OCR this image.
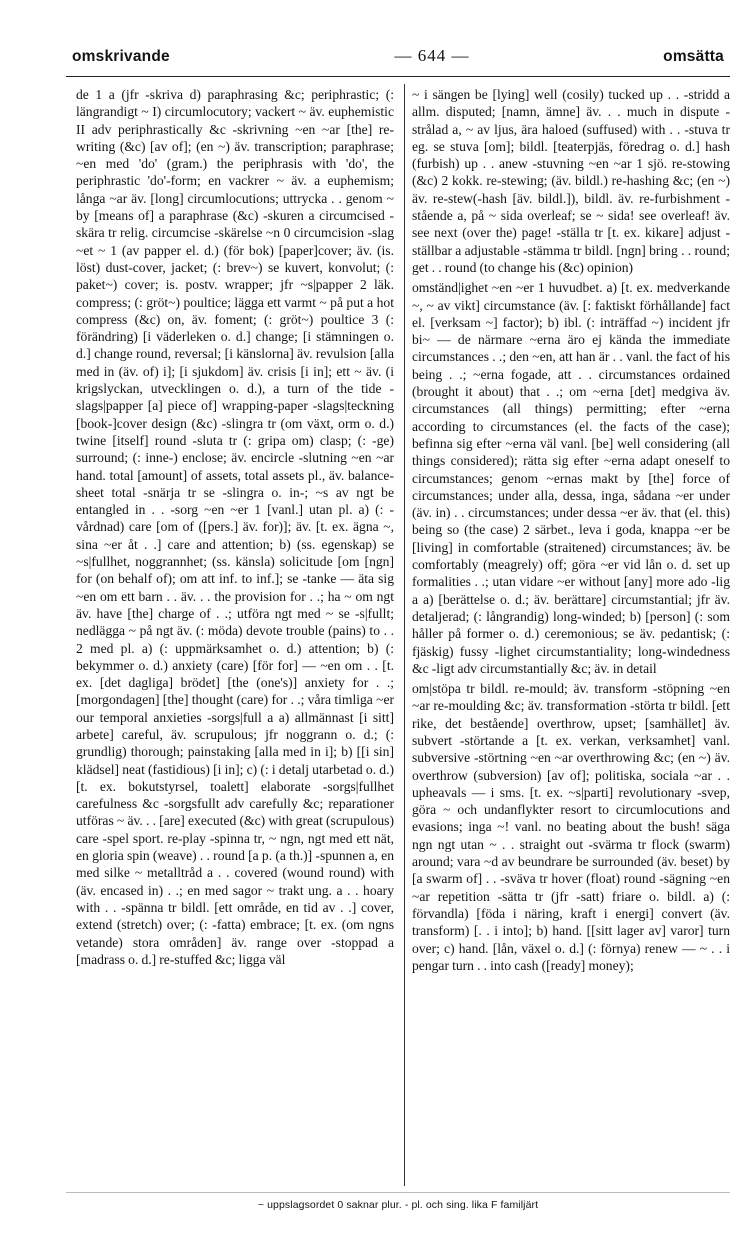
omskrivande	— 644 —	omsätta

de 1 a (jfr -skriva d) paraphrasing &c; periphrastic; (: längrandigt ~ I) circumlocutory; vackert ~ äv. euphemistic II adv periphrastically &c -skrivning ~en ~ar [the] re-writing (&c) [av of]; (en ~) äv. transcription; paraphrase; ~en med 'do' (gram.) the periphrasis with 'do', the periphrastic 'do'-form; en vackrer ~ äv. a euphemism; långa ~ar äv. [long] circumlocutions; uttrycka . . genom ~ by [means of] a paraphrase (&c) -skuren a circumcised -skära tr relig. circumcise -skärelse ~n 0 circumcision -slag ~et ~ 1 (av papper el. d.) (för bok) [paper]cover; äv. (is. löst) dust-cover, jacket; (: brev~) se kuvert, konvolut; (: paket~) cover; is. postv. wrapper; jfr ~s|papper 2 läk. compress; (: gröt~) poultice; lägga ett varmt ~ på put a hot compress (&c) on, äv. foment; (: gröt~) poultice 3 (: förändring) [i väderleken o. d.] change; [i stämningen o. d.] change round, reversal; [i känslorna] äv. revulsion [alla med in (äv. of) i]; [i sjukdom] äv. crisis [i in]; ett ~ äv. (i krigslyckan, utvecklingen o. d.), a turn of the tide -slags|papper [a] piece of] wrapping-paper -slags|teckning [book-]cover design (&c) -slingra tr (om växt, orm o. d.) twine [itself] round -sluta tr (: gripa om) clasp; (: -ge) surround; (: inne-) enclose; äv. encircle -slutning ~en ~ar hand. total [amount] of assets, total assets pl., äv. balance-sheet total -snärja tr se -slingra o. in-; ~s av ngt be entangled in . . -sorg ~en ~er 1 [vanl.] utan pl. a) (: -vårdnad) care [om of ([pers.] äv. for)]; äv. [t. ex. ägna ~, sina ~er åt . .] care and attention; b) (ss. egenskap) se ~s|fullhet, noggrannhet; (ss. känsla) solicitude [om [ngn] for (on behalf of); om att inf. to inf.]; se -tanke — äta sig ~en om ett barn . . äv. . . the provision for . .; ha ~ om ngt äv. have [the] charge of . .; utföra ngt med ~ se -s|fullt; nedlägga ~ på ngt äv. (: möda) devote trouble (pains) to . . 2 med pl. a) (: uppmärksamhet o. d.) attention; b) (: bekymmer o. d.) anxiety (care) [för for] — ~en om . . [t. ex. [det dagliga] brödet] [the (one's)] anxiety for . .; [morgondagen] [the] thought (care) for . .; våra timliga ~er our temporal anxieties -sorgs|full a a) allmännast [i sitt] arbete] careful, äv. scrupulous; jfr noggrann o. d.; (: grundlig) thorough; painstaking [alla med in i]; b) [[i sin] klädsel] neat (fastidious) [i in]; c) (: i detalj utarbetad o. d.) [t. ex. bokutstyrsel, toalett] elaborate -sorgs|fullhet carefulness &c -sorgsfullt adv carefully &c; reparationer utföras ~ äv. . . [are] executed (&c) with great (scrupulous) care -spel sport. re-play -spinna tr, ~ ngn, ngt med ett nät, en gloria spin (weave) . . round [a p. (a th.)] -spunnen a, en med silke ~ metalltråd a . . covered (wound round) with (äv. encased in) . .; en med sagor ~ trakt ung. a . . hoary with . . -spänna tr bildl. [ett område, en tid av . .] cover, extend (stretch) over; (: -fatta) embrace; [t. ex. (om ngns vetande) stora områden] äv. range over -stoppad a [madrass o. d.] re-stuffed &c; ligga väl

~ i sängen be [lying] well (cosily) tucked up . . -stridd a allm. disputed; [namn, ämne] äv. . . much in dispute -strålad a, ~ av ljus, ära haloed (suffused) with . . -stuva tr eg. se stuva [om]; bildl. [teaterpjäs, föredrag o. d.] hash (furbish) up . . anew -stuvning ~en ~ar 1 sjö. re-stowing (&c) 2 kokk. re-stewing; (äv. bildl.) re-hashing &c; (en ~) äv. re-stew(-hash [äv. bildl.]), bildl. äv. re-furbishment -stående a, på ~ sida overleaf; se ~ sida! see overleaf! äv. see next (over the) page! -ställa tr [t. ex. kikare] adjust -ställbar a adjustable -stämma tr bildl. [ngn] bring . . round; get . . round (to change his (&c) opinion)

omständ|ighet ~en ~er 1 huvudbet. a) [t. ex. medverkande ~, ~ av vikt] circumstance (äv. [: faktiskt förhållande] fact el. [verksam ~] factor); b) ibl. (: inträffad ~) incident jfr bi~ — de närmare ~erna äro ej kända the immediate circumstances . .; den ~en, att han är . . vanl. the fact of his being . .; ~erna fogade, att . . circumstances ordained (brought it about) that . .; om ~erna [det] medgiva äv. circumstances (all things) permitting; efter ~erna according to circumstances (el. the facts of the case); befinna sig efter ~erna väl vanl. [be] well considering (all things considered); rätta sig efter ~erna adapt oneself to circumstances; genom ~ernas makt by [the] force of circumstances; under alla, dessa, inga, sådana ~er under (äv. in) . . circumstances; under dessa ~er äv. that (el. this) being so (the case) 2 särbet., leva i goda, knappa ~er be [living] in comfortable (straitened) circumstances; äv. be comfortably (meagrely) off; göra ~er vid lån o. d. set up formalities . .; utan vidare ~er without [any] more ado -lig a a) [berättelse o. d.; äv. berättare] circumstantial; jfr äv. detaljerad; (: långrandig) long-winded; b) [person] (: som håller på former o. d.) ceremonious; se äv. pedantisk; (: fjäskig) fussy -lighet circumstantiality; long-windedness &c -ligt adv circumstantially &c; äv. in detail

om|stöpa tr bildl. re-mould; äv. transform -stöpning ~en ~ar re-moulding &c; äv. transformation -störta tr bildl. [ett rike, det bestående] overthrow, upset; [samhället] äv. subvert -störtande a [t. ex. verkan, verksamhet] vanl. subversive -störtning ~en ~ar overthrowing &c; (en ~) äv. overthrow (subversion) [av of]; politiska, sociala ~ar . . upheavals — i sms. [t. ex. ~s|parti] revolutionary -svep, göra ~ och undanflykter resort to circumlocutions and evasions; inga ~! vanl. no beating about the bush! säga ngn ngt utan ~ . . straight out -svärma tr flock (swarm) around; vara ~d av beundrare be surrounded (äv. beset) by [a swarm of] . . -sväva tr hover (float) round -sägning ~en ~ar repetition -sätta tr (jfr -satt) friare o. bildl. a) (: förvandla) [föda i näring, kraft i energi] convert (äv. transform) [. . i into]; b) hand. [[sitt lager av] varor] turn over; c) hand. [lån, växel o. d.] (: förnya) renew — ~ . . i pengar turn . . into cash ([ready] money);

~ uppslagsordet 0 saknar plur. - pl. och sing. lika F familjärt
